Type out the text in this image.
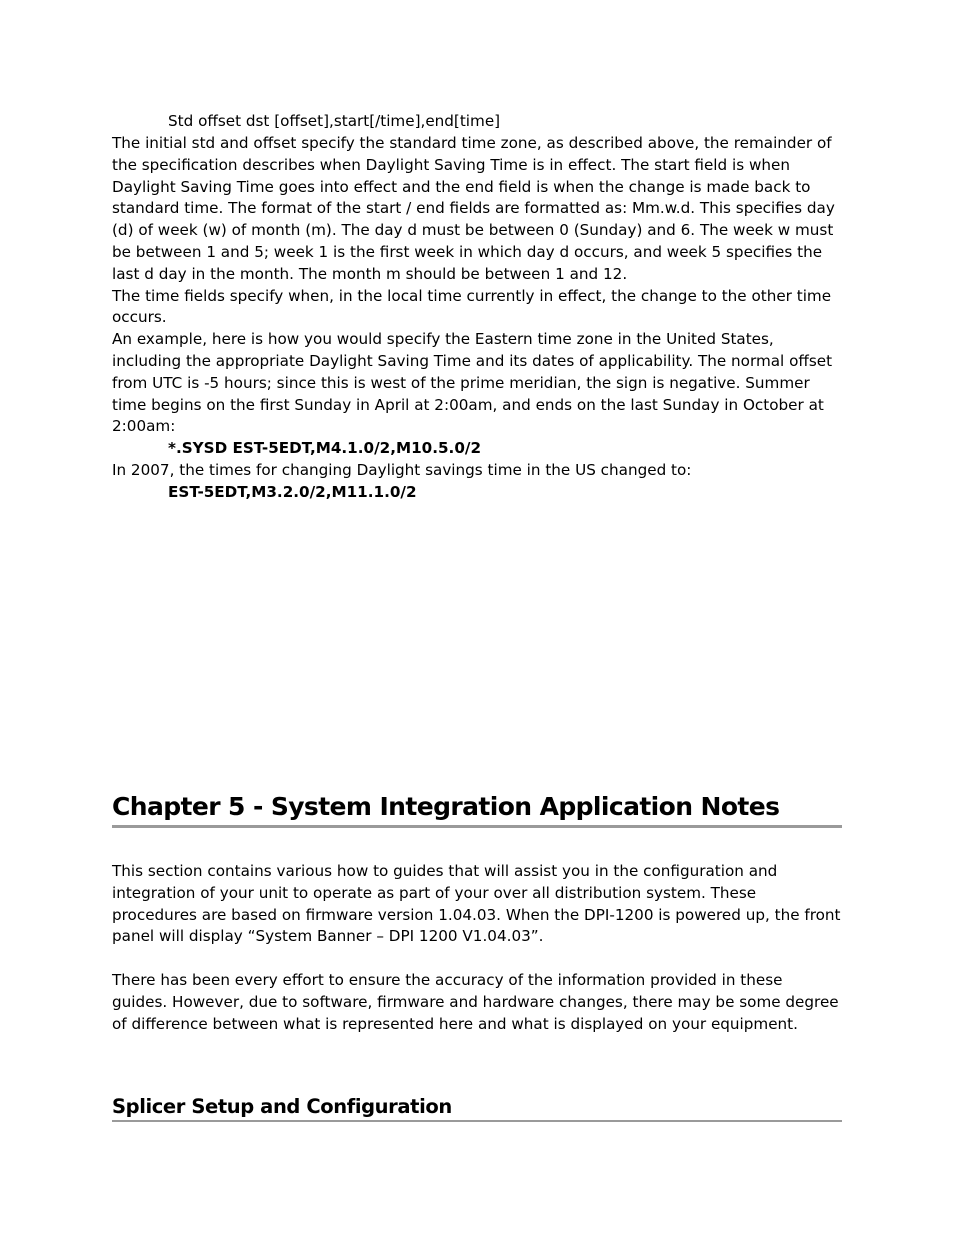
Std offset dst [offset],start[/time],end[time]

The initial std and offset specify the standard time zone, as described above, the remainder of the specification describes when Daylight Saving Time is in effect. The start field is when Daylight Saving Time goes into effect and the end field is when the change is made back to standard time. The format of the start / end fields are formatted as: Mm.w.d. This specifies day (d) of week (w) of month (m). The day d must be between 0 (Sunday) and 6. The week w must be between 1 and 5; week 1 is the first week in which day d occurs, and week 5 specifies the last d day in the month. The month m should be between 1 and 12.

The time fields specify when, in the local time currently in effect, the change to the other time occurs.

An example, here is how you would specify the Eastern time zone in the United States, including the appropriate Daylight Saving Time and its dates of applicability. The normal offset from UTC is -5 hours; since this is west of the prime meridian, the sign is negative. Summer time begins on the first Sunday in April at 2:00am, and ends on the last Sunday in October at 2:00am:

*.SYSD EST-5EDT,M4.1.0/2,M10.5.0/2

In 2007, the times for changing Daylight savings time in the US changed to:

EST-5EDT,M3.2.0/2,M11.1.0/2

Chapter 5 - System Integration Application Notes

This section contains various how to guides that will assist you in the configuration and integration of your unit to operate as part of your over all distribution system. These procedures are based on firmware version 1.04.03. When the DPI-1200 is powered up, the front panel will display “System Banner – DPI 1200 V1.04.03”.

There has been every effort to ensure the accuracy of the information provided in these guides. However, due to software, firmware and hardware changes, there may be some degree of difference between what is represented here and what is displayed on your equipment.

Splicer Setup and Configuration
